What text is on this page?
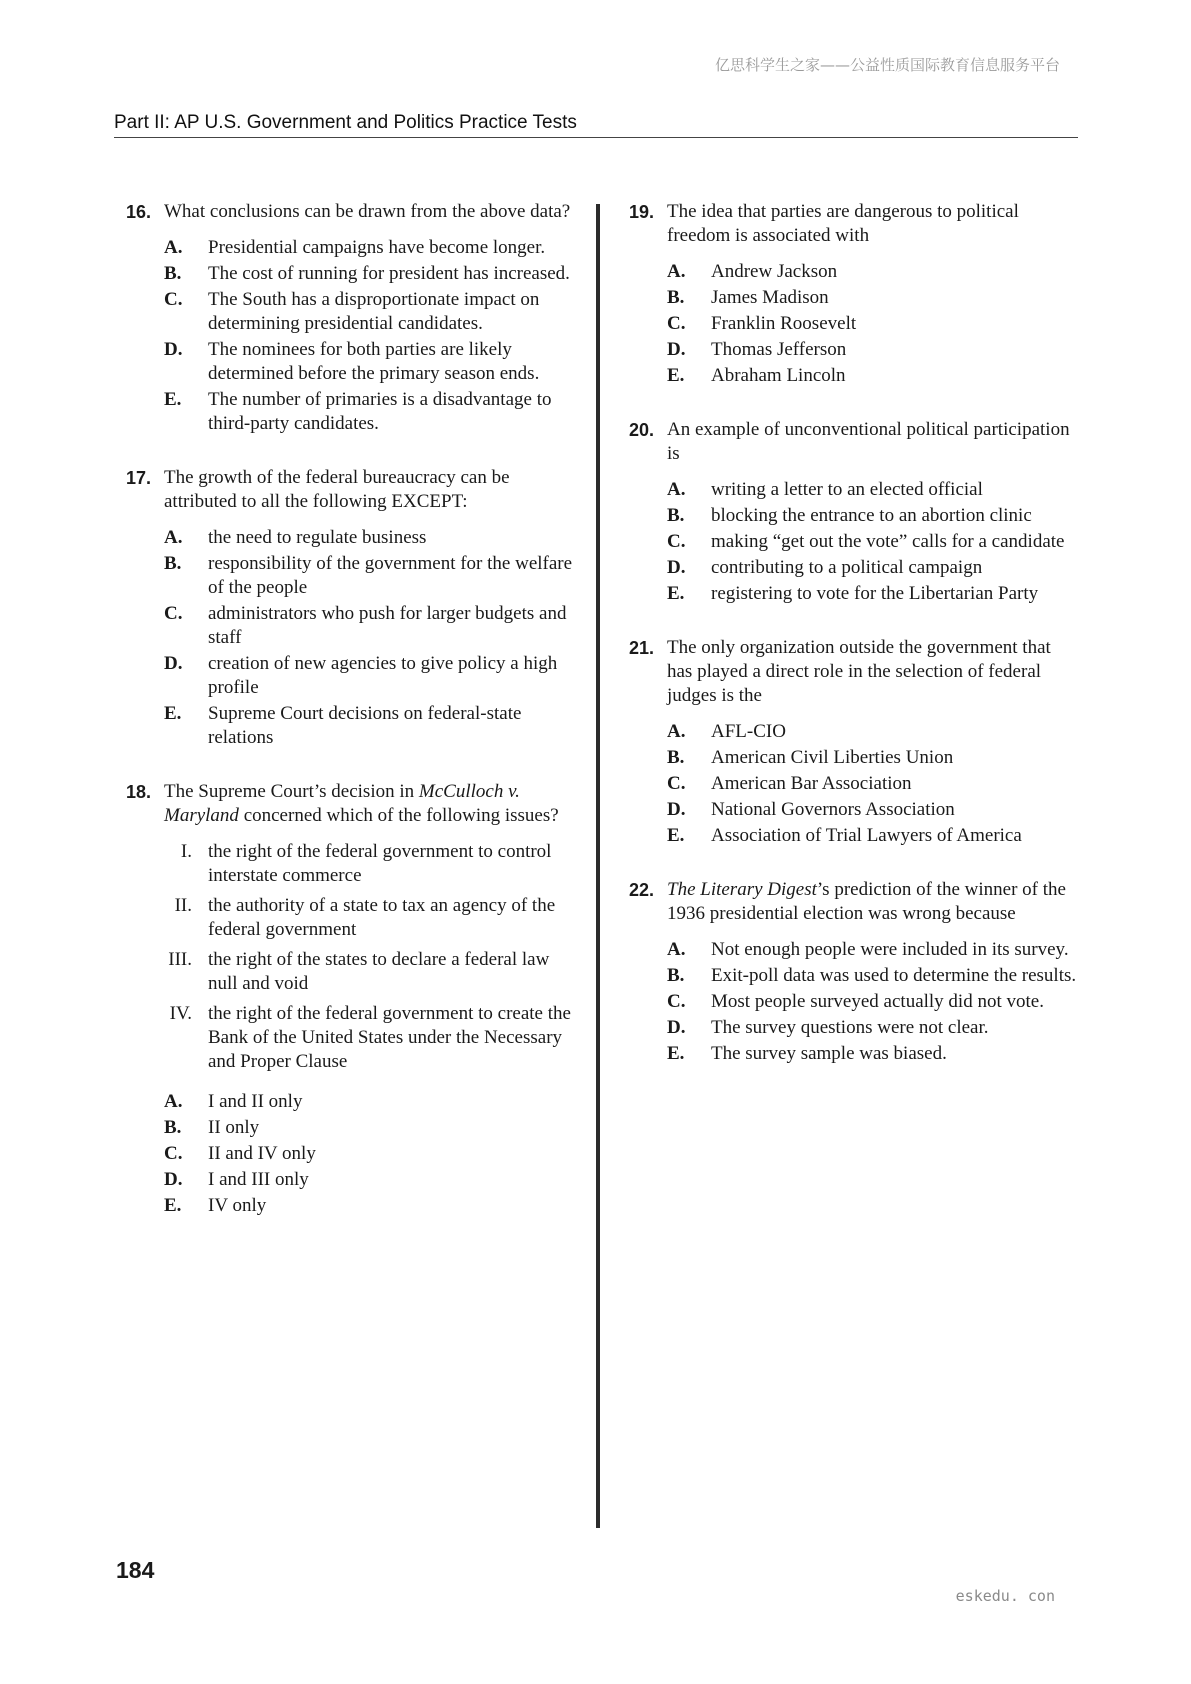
亿思科学生之家——公益性质国际教育信息服务平台
Part II: AP U.S. Government and Politics Practice Tests
16. What conclusions can be drawn from the above data?
A. Presidential campaigns have become longer.
B. The cost of running for president has increased.
C. The South has a disproportionate impact on determining presidential candidates.
D. The nominees for both parties are likely determined before the primary season ends.
E. The number of primaries is a disadvantage to third-party candidates.
17. The growth of the federal bureaucracy can be attributed to all the following EXCEPT:
A. the need to regulate business
B. responsibility of the government for the welfare of the people
C. administrators who push for larger budgets and staff
D. creation of new agencies to give policy a high profile
E. Supreme Court decisions on federal-state relations
18. The Supreme Court’s decision in McCulloch v. Maryland concerned which of the following issues?
I. the right of the federal government to control interstate commerce
II. the authority of a state to tax an agency of the federal government
III. the right of the states to declare a federal law null and void
IV. the right of the federal government to create the Bank of the United States under the Necessary and Proper Clause
A. I and II only
B. II only
C. II and IV only
D. I and III only
E. IV only
19. The idea that parties are dangerous to political freedom is associated with
A. Andrew Jackson
B. James Madison
C. Franklin Roosevelt
D. Thomas Jefferson
E. Abraham Lincoln
20. An example of unconventional political participation is
A. writing a letter to an elected official
B. blocking the entrance to an abortion clinic
C. making “get out the vote” calls for a candidate
D. contributing to a political campaign
E. registering to vote for the Libertarian Party
21. The only organization outside the government that has played a direct role in the selection of federal judges is the
A. AFL-CIO
B. American Civil Liberties Union
C. American Bar Association
D. National Governors Association
E. Association of Trial Lawyers of America
22. The Literary Digest’s prediction of the winner of the 1936 presidential election was wrong because
A. Not enough people were included in its survey.
B. Exit-poll data was used to determine the results.
C. Most people surveyed actually did not vote.
D. The survey questions were not clear.
E. The survey sample was biased.
184
eskedu. con
